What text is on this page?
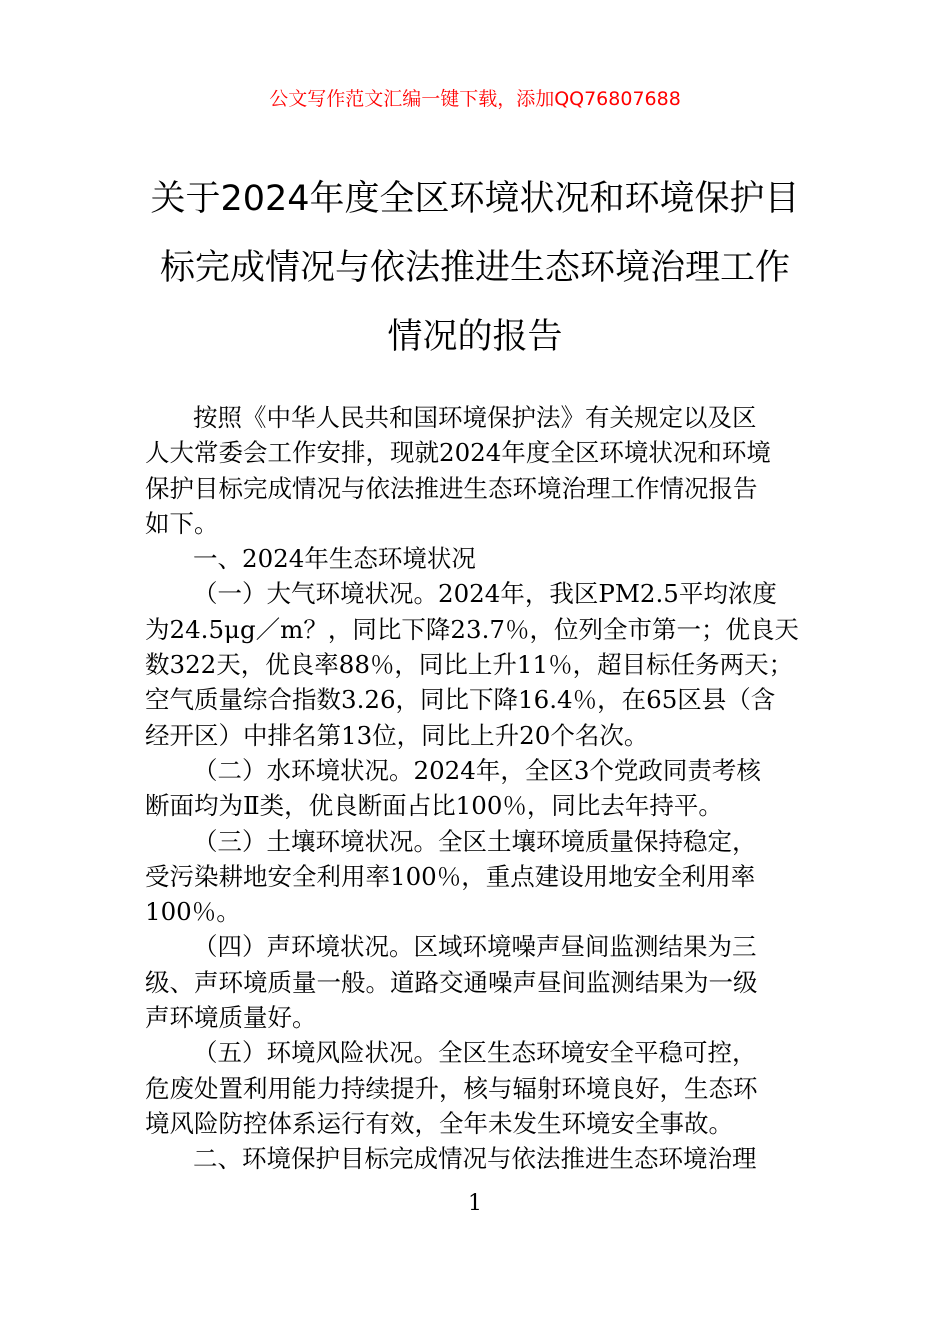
公文写作范文汇编一键下载，添加QQ76807688
关于2024年度全区环境状况和环境保护目
标完成情况与依法推进生态环境治理工作
情况的报告
按照《中华人民共和国环境保护法》有关规定以及区
人大常委会工作安排，现就2024年度全区环境状况和环境
保护目标完成情况与依法推进生态环境治理工作情况报告
如下。
一、2024年生态环境状况
（一）大气环境状况。2024年，我区PM2.5平均浓度
为24.5μg／m？，同比下降23.7％，位列全市第一；优良天
数322天，优良率88％，同比上升11％，超目标任务两天；
空气质量综合指数3.26，同比下降16.4％，在65区县（含
经开区）中排名第13位，同比上升20个名次。
（二）水环境状况。2024年，全区3个党政同责考核
断面均为Ⅱ类，优良断面占比100％，同比去年持平。
（三）土壤环境状况。全区土壤环境质量保持稳定，
受污染耕地安全利用率100％，重点建设用地安全利用率
100％。
（四）声环境状况。区域环境噪声昼间监测结果为三
级、声环境质量一般。道路交通噪声昼间监测结果为一级
声环境质量好。
（五）环境风险状况。全区生态环境安全平稳可控，
危废处置利用能力持续提升，核与辐射环境良好，生态环
境风险防控体系运行有效，全年未发生环境安全事故。
二、环境保护目标完成情况与依法推进生态环境治理
1
